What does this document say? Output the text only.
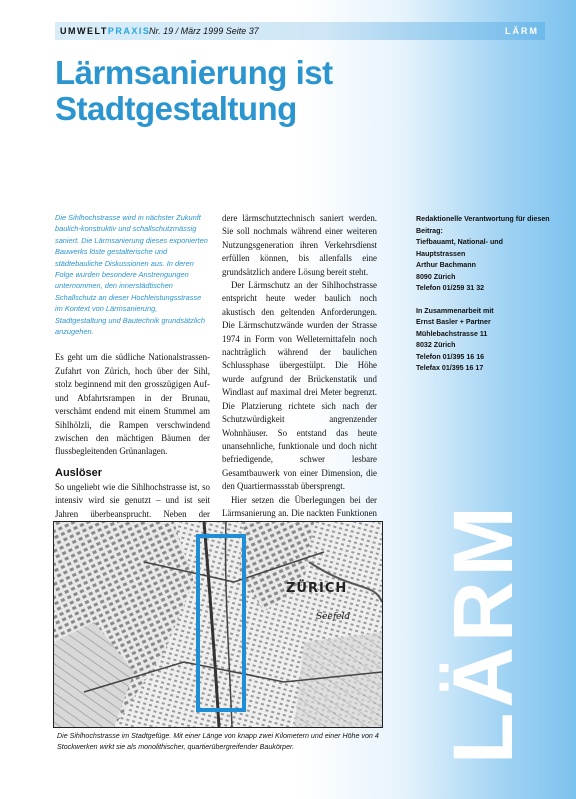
UMWELTPRAXIS
Nr. 19 / März 1999 Seite 37	LÄRM
Lärmsanierung ist
Stadtgestaltung

Die Sihlhochstrasse wird in nächster Zukunft baulich-konstruktiv und schallschutzmässig saniert. Die Lärmsanierung dieses exponierten Bauwerks löste gestalterische und städtebauliche Diskussionen aus. In deren Folge wurden besondere Anstrengungen unternommen, den innerstädtischen Schallschutz an dieser Hochleistungsstrasse im Kontext von Lärmsanierung, Stadtgestaltung und Bautechnik grundsätzlich anzugehen.

Es geht um die südliche Nationalstrassen-Zufahrt von Zürich, hoch über der Sihl, stolz beginnend mit den grosszügigen Auf- und Abfahrtsrampen in der Brunau, verschämt endend mit einem Stummel am Sihlhölzli, die Rampen verschwindend zwischen den mächtigen Bäumen der flussbegleitenden Grünanlagen.

Auslöser

So ungeliebt wie die Sihlhochstrasse ist, so intensiv wird sie genutzt – und ist seit Jahren überbeansprucht. Neben der

dere lärmschutztechnisch saniert werden. Sie soll nochmals während einer weiteren Nutzungsgeneration ihren Verkehrsdienst erfüllen können, bis allenfalls eine grundsätzlich andere Lösung bereit steht.

Der Lärmschutz an der Sihlhochstrasse entspricht heute weder baulich noch akustisch den geltenden Anforderungen. Die Lärmschutzwände wurden der Strasse 1974 in Form von Welleternittafeln noch nachträglich während der baulichen Schlussphase übergestülpt. Die Höhe wurde aufgrund der Brückenstatik und Windlast auf maximal drei Meter begrenzt. Die Platzierung richtete sich nach der Schutzwürdigkeit angrenzender Wohnhäuser. So entstand das heute unansehnliche, funktionale und doch nicht befriedigende, schwer lesbare Gesamtbauwerk von einer Dimension, die den Quartiermassstab übersprengt.

Hier setzen die Überlegungen bei der Lärmsanierung an. Die nackten Funktionen

Redaktionelle Verantwortung für diesen Beitrag:

Tiefbauamt, National- und Hauptstrassen

Arthur Bachmann

8090 Zürich

Telefon 01/259 31 32

In Zusammenarbeit mit

Ernst Basler + Partner

Mühlebachstrasse 11

8032 Zürich

Telefon 01/395 16 16

Telefax 01/395 16 17

ZÜRICH
Seefeld
Die Sihlhochstrasse im Stadtgefüge. Mit einer Länge von knapp zwei Kilometern und einer Höhe von 4 Stockwerken wirkt sie als monolithischer, quartierübergreifender Baukörper.	LÄRM
